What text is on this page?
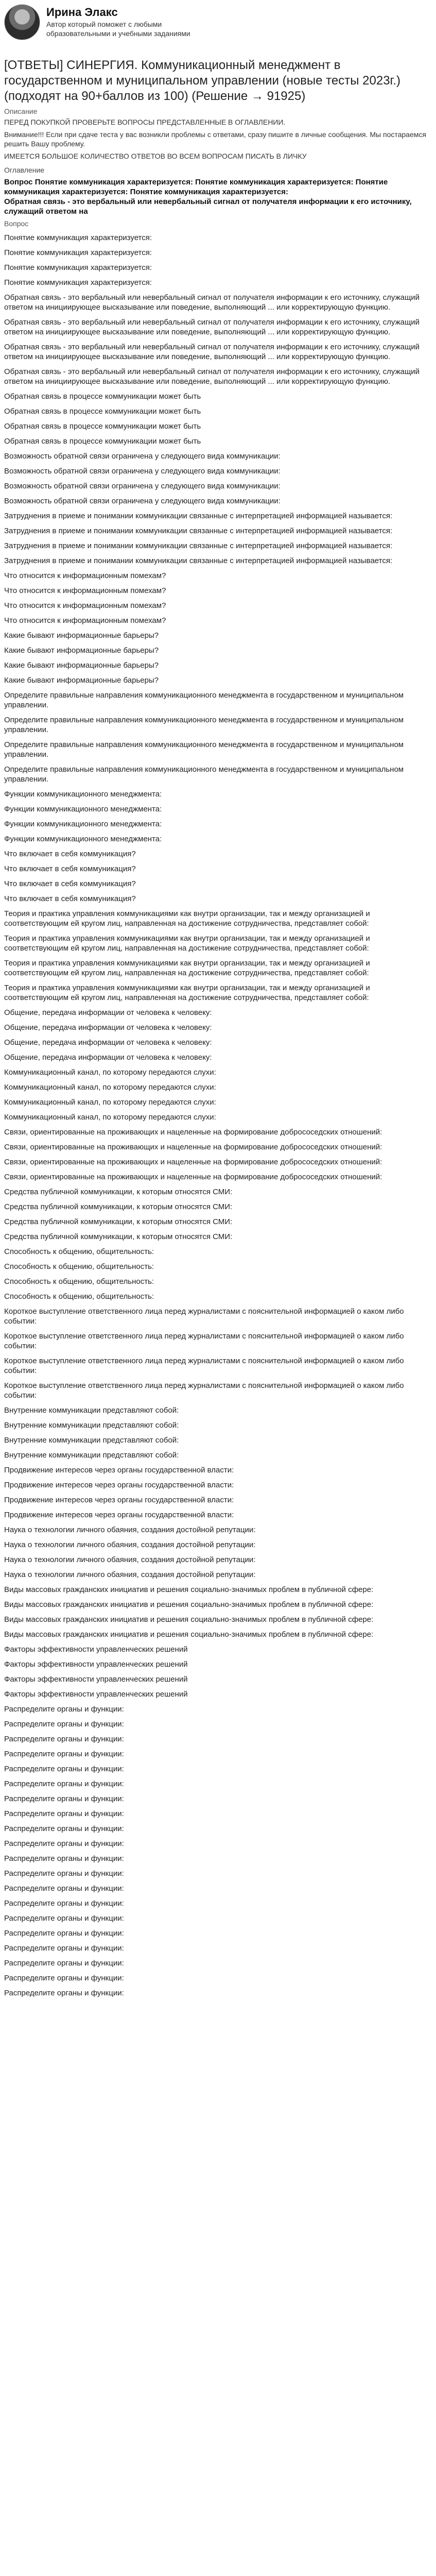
Ирина Элакс
Автор который поможет с любыми образовательными и учебными заданиями
[ОТВЕТЫ] СИНЕРГИЯ. Коммуникационный менеджмент в государственном и муниципальном управлении (новые тесты 2023г.) (подходят на 90+баллов из 100) (Решение → 91925)
Описание

ПЕРЕД ПОКУПКОЙ ПРОВЕРЬТЕ ВОПРОСЫ ПРЕДСТАВЛЕННЫЕ В ОГЛАВЛЕНИИ.

Внимание!!! Если при сдаче теста у вас возникли проблемы с ответами, сразу пишите в личные сообщения. Мы постараемся решить Вашу проблему.

ИМЕЕТСЯ БОЛЬШОЕ КОЛИЧЕСТВО ОТВЕТОВ ВО ВСЕМ ВОПРОСАМ ПИСАТЬ В ЛИЧКУ

Оглавление
Вопрос Понятие коммуникация характеризуется: Понятие коммуникация характеризуется: Понятие коммуникация характеризуется: Понятие коммуникация характеризуется:
Обратная связь - это вербальный или невербальный сигнал от получателя информации к его источнику, служащий ответом на
Вопрос
Понятие коммуникация характеризуется:
Понятие коммуникация характеризуется:
Понятие коммуникация характеризуется:
Понятие коммуникация характеризуется:
Обратная связь - это вербальный или невербальный сигнал от получателя информации к его источнику, служащий ответом на инициирующее высказывание или поведение, выполняющий ... или корректирующую функцию.
Обратная связь - это вербальный или невербальный сигнал от получателя информации к его источнику, служащий ответом на инициирующее высказывание или поведение, выполняющий ... или корректирующую функцию.
Обратная связь - это вербальный или невербальный сигнал от получателя информации к его источнику, служащий ответом на инициирующее высказывание или поведение, выполняющий ... или корректирующую функцию.
Обратная связь - это вербальный или невербальный сигнал от получателя информации к его источнику, служащий ответом на инициирующее высказывание или поведение, выполняющий ... или корректирующую функцию.
Обратная связь в процессе коммуникации может быть
Обратная связь в процессе коммуникации может быть
Обратная связь в процессе коммуникации может быть
Обратная связь в процессе коммуникации может быть
Возможность обратной связи ограничена у следующего вида коммуникации:
Возможность обратной связи ограничена у следующего вида коммуникации:
Возможность обратной связи ограничена у следующего вида коммуникации:
Возможность обратной связи ограничена у следующего вида коммуникации:
Затруднения в приеме и понимании коммуникации связанные с интерпретацией информацией называется:
Затруднения в приеме и понимании коммуникации связанные с интерпретацией информацией называется:
Затруднения в приеме и понимании коммуникации связанные с интерпретацией информацией называется:
Затруднения в приеме и понимании коммуникации связанные с интерпретацией информацией называется:
Что относится к информационным помехам?
Что относится к информационным помехам?
Что относится к информационным помехам?
Что относится к информационным помехам?
Какие бывают информационные барьеры?
Какие бывают информационные барьеры?
Какие бывают информационные барьеры?
Какие бывают информационные барьеры?
Определите правильные направления коммуникационного менеджмента в государственном и муниципальном управлении.
Определите правильные направления коммуникационного менеджмента в государственном и муниципальном управлении.
Определите правильные направления коммуникационного менеджмента в государственном и муниципальном управлении.
Определите правильные направления коммуникационного менеджмента в государственном и муниципальном управлении.
Функции коммуникационного менеджмента:
Функции коммуникационного менеджмента:
Функции коммуникационного менеджмента:
Функции коммуникационного менеджмента:
Что включает в себя коммуникация?
Что включает в себя коммуникация?
Что включает в себя коммуникация?
Что включает в себя коммуникация?
Теория и практика управления коммуникациями как внутри организации, так и между организацией и соответствующим ей кругом лиц, направленная на достижение сотрудничества, представляет собой:
Теория и практика управления коммуникациями как внутри организации, так и между организацией и соответствующим ей кругом лиц, направленная на достижение сотрудничества, представляет собой:
Теория и практика управления коммуникациями как внутри организации, так и между организацией и соответствующим ей кругом лиц, направленная на достижение сотрудничества, представляет собой:
Теория и практика управления коммуникациями как внутри организации, так и между организацией и соответствующим ей кругом лиц, направленная на достижение сотрудничества, представляет собой:
Общение, передача информации от человека к человеку:
Общение, передача информации от человека к человеку:
Общение, передача информации от человека к человеку:
Общение, передача информации от человека к человеку:
Коммуникационный канал, по которому передаются слухи:
Коммуникационный канал, по которому передаются слухи:
Коммуникационный канал, по которому передаются слухи:
Коммуникационный канал, по которому передаются слухи:
Связи, ориентированные на проживающих и нацеленные на формирование добрососедских отношений:
Связи, ориентированные на проживающих и нацеленные на формирование добрососедских отношений:
Связи, ориентированные на проживающих и нацеленные на формирование добрососедских отношений:
Связи, ориентированные на проживающих и нацеленные на формирование добрососедских отношений:
Средства публичной коммуникации, к которым относятся СМИ:
Средства публичной коммуникации, к которым относятся СМИ:
Средства публичной коммуникации, к которым относятся СМИ:
Средства публичной коммуникации, к которым относятся СМИ:
Способность к общению, общительность:
Способность к общению, общительность:
Способность к общению, общительность:
Способность к общению, общительность:
Короткое выступление ответственного лица перед журналистами с пояснительной информацией о каком либо событии:
Короткое выступление ответственного лица перед журналистами с пояснительной информацией о каком либо событии:
Короткое выступление ответственного лица перед журналистами с пояснительной информацией о каком либо событии:
Короткое выступление ответственного лица перед журналистами с пояснительной информацией о каком либо событии:
Внутренние коммуникации представляют собой:
Внутренние коммуникации представляют собой:
Внутренние коммуникации представляют собой:
Внутренние коммуникации представляют собой:
Продвижение интересов через органы государственной власти:
Продвижение интересов через органы государственной власти:
Продвижение интересов через органы государственной власти:
Продвижение интересов через органы государственной власти:
Наука о технологии личного обаяния, создания достойной репутации:
Наука о технологии личного обаяния, создания достойной репутации:
Наука о технологии личного обаяния, создания достойной репутации:
Наука о технологии личного обаяния, создания достойной репутации:
Виды массовых гражданских инициатив и решения социально-значимых проблем в публичной сфере:
Виды массовых гражданских инициатив и решения социально-значимых проблем в публичной сфере:
Виды массовых гражданских инициатив и решения социально-значимых проблем в публичной сфере:
Виды массовых гражданских инициатив и решения социально-значимых проблем в публичной сфере:
Факторы эффективности управленческих решений
Факторы эффективности управленческих решений
Факторы эффективности управленческих решений
Факторы эффективности управленческих решений
Распределите органы и функции:
Распределите органы и функции:
Распределите органы и функции:
Распределите органы и функции:
Распределите органы и функции:
Распределите органы и функции:
Распределите органы и функции:
Распределите органы и функции:
Распределите органы и функции:
Распределите органы и функции:
Распределите органы и функции:
Распределите органы и функции:
Распределите органы и функции:
Распределите органы и функции:
Распределите органы и функции:
Распределите органы и функции:
Распределите органы и функции:
Распределите органы и функции:
Распределите органы и функции:
Распределите органы и функции:
